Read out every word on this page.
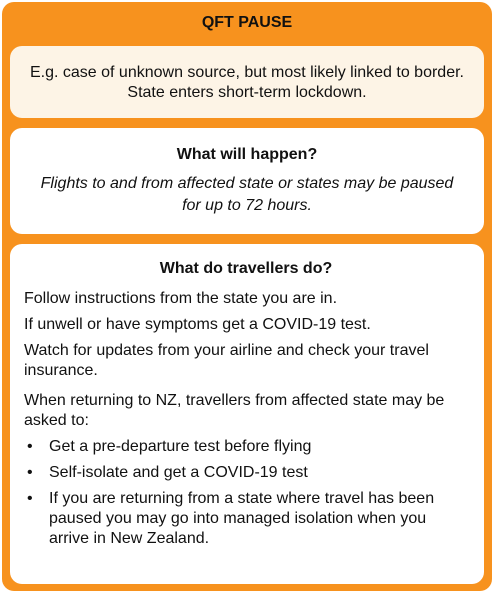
QFT PAUSE
E.g. case of unknown source, but most likely linked to border. State enters short-term lockdown.
What will happen?
Flights to and from affected state or states may be paused for up to 72 hours.
What do travellers do?

Follow instructions from the state you are in.

If unwell or have symptoms get a COVID-19 test.

Watch for updates from your airline and check your travel insurance.

When returning to NZ, travellers from affected state may be asked to:

• Get a pre-departure test before flying
• Self-isolate and get a COVID-19 test
• If you are returning from a state where travel has been paused you may go into managed isolation when you arrive in New Zealand.
